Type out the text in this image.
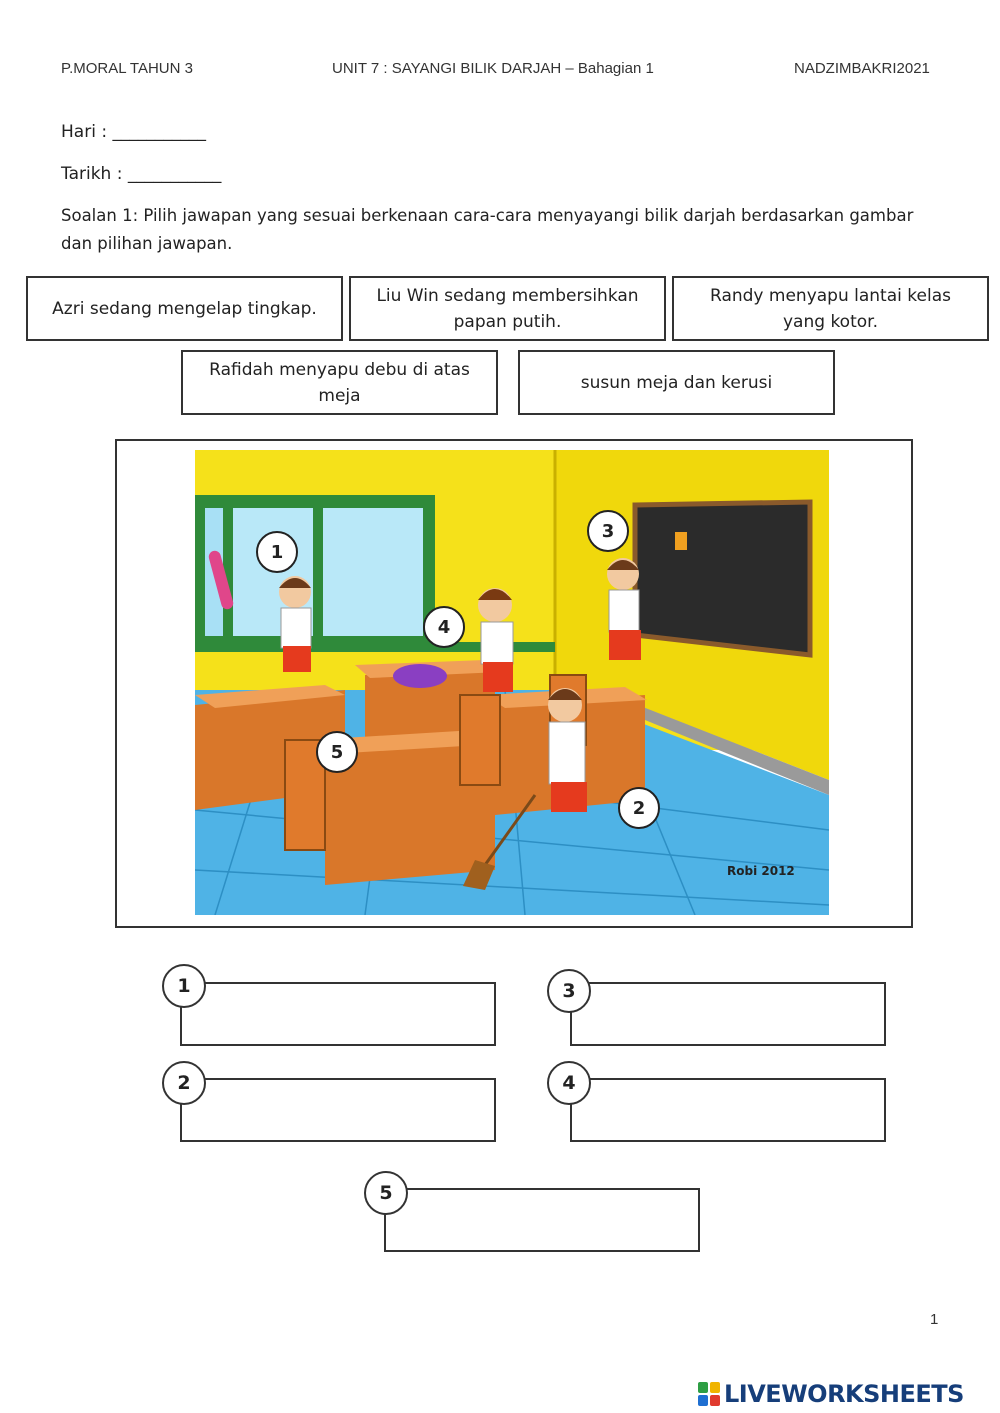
P.MORAL TAHUN 3	UNIT 7 : SAYANGI BILIK DARJAH – Bahagian 1	NADZIMBAKRI2021
Hari : ___________
Tarikh : ___________
Soalan 1: Pilih jawapan yang sesuai berkenaan cara-cara menyayangi bilik darjah berdasarkan gambar
dan pilihan jawapan.
Azri sedang mengelap tingkap.
Liu Win sedang membersihkan papan putih.
Randy menyapu lantai kelas yang kotor.
Rafidah menyapu debu di atas meja
susun meja dan kerusi
Robi 2012
1
3
4
5
2
1	3
2	4
5
1
LIVEWORKSHEETS
